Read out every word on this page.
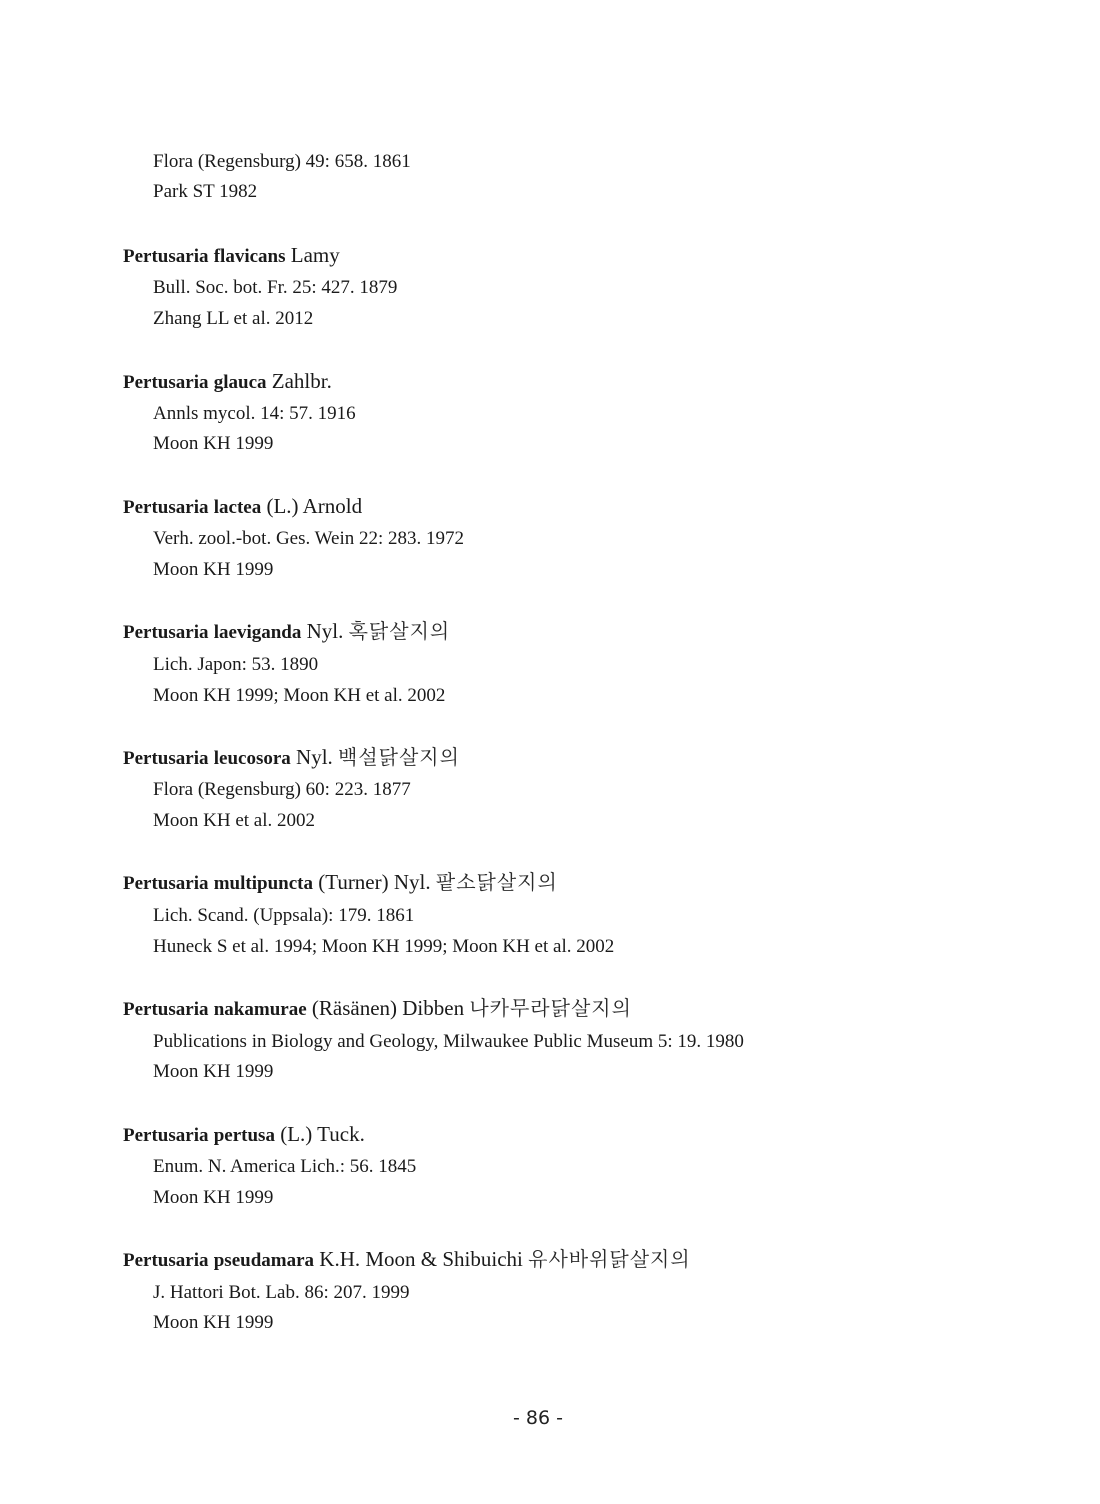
Flora (Regensburg) 49: 658. 1861
Park ST 1982
Pertusaria flavicans Lamy
Bull. Soc. bot. Fr. 25: 427. 1879
Zhang LL et al. 2012
Pertusaria glauca Zahlbr.
Annls mycol. 14: 57. 1916
Moon KH 1999
Pertusaria lactea (L.) Arnold
Verh. zool.-bot. Ges. Wein 22: 283. 1972
Moon KH 1999
Pertusaria laeviganda Nyl. 혹닭살지의
Lich. Japon: 53. 1890
Moon KH 1999; Moon KH et al. 2002
Pertusaria leucosora Nyl. 백설닭살지의
Flora (Regensburg) 60: 223. 1877
Moon KH et al. 2002
Pertusaria multipuncta (Turner) Nyl. 팥소닭살지의
Lich. Scand. (Uppsala): 179. 1861
Huneck S et al. 1994; Moon KH 1999; Moon KH et al. 2002
Pertusaria nakamurae (Räsänen) Dibben 나카무라닭살지의
Publications in Biology and Geology, Milwaukee Public Museum 5: 19. 1980
Moon KH 1999
Pertusaria pertusa (L.) Tuck.
Enum. N. America Lich.: 56. 1845
Moon KH 1999
Pertusaria pseudamara K.H. Moon & Shibuichi 유사바위닭살지의
J. Hattori Bot. Lab. 86: 207. 1999
Moon KH 1999
- 86 -
